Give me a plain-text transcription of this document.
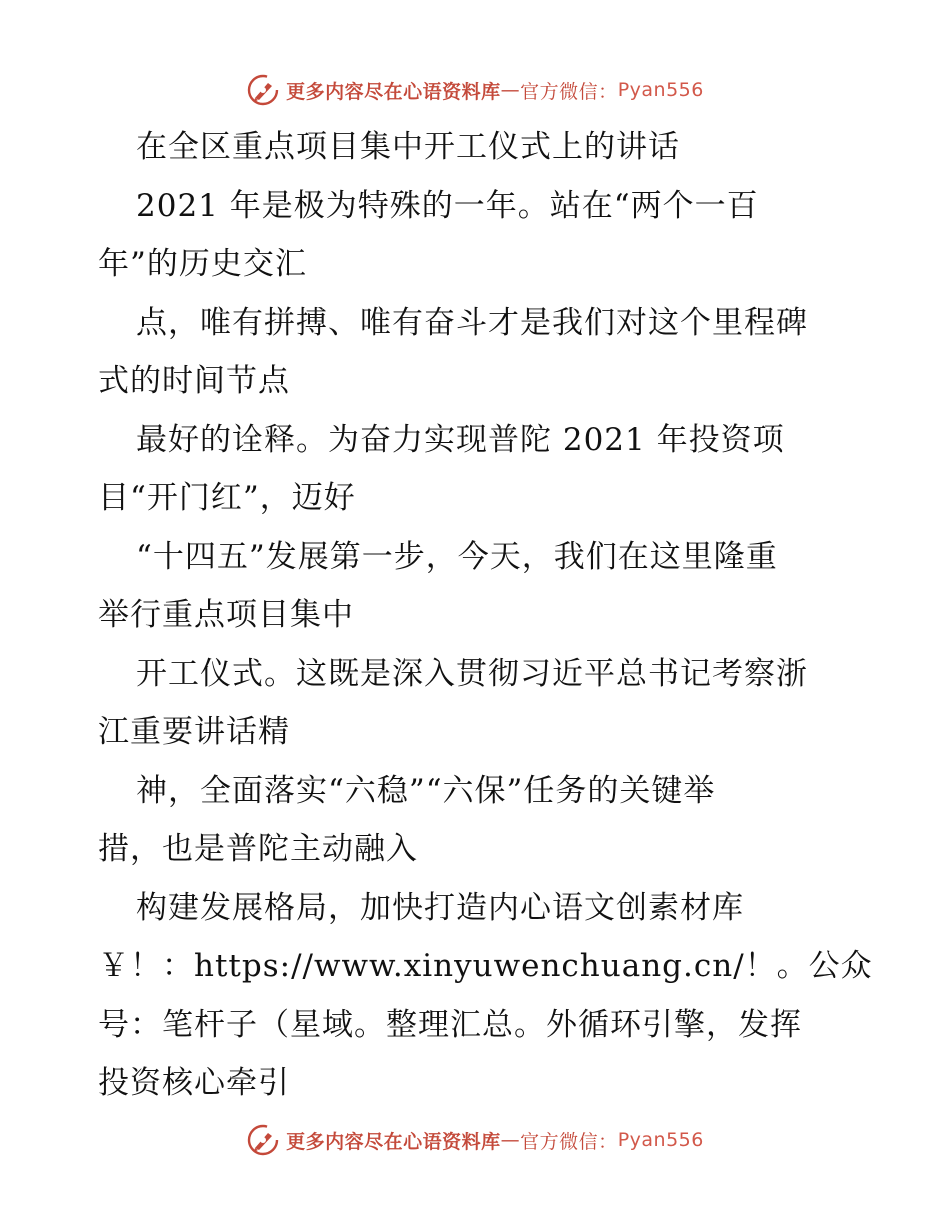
更多内容尽在心语资料库 — 官方微信： Pyan556
在全区重点项目集中开工仪式上的讲话
2021 年是极为特殊的一年。站在“两个一百
年”的历史交汇
点，唯有拼搏、唯有奋斗才是我们对这个里程碑
式的时间节点
最好的诠释。为奋力实现普陀 2021 年投资项
目“开门红”，迈好
“十四五”发展第一步，今天，我们在这里隆重
举行重点项目集中
开工仪式。这既是深入贯彻习近平总书记考察浙
江重要讲话精
神，全面落实“六稳”“六保”任务的关键举
措，也是普陀主动融入
构建发展格局，加快打造内心语文创素材库
￥！：https://www.xinyuwenchuang.cn/！。公众
号：笔杆子（星域。整理汇总。外循环引擎，发挥
投资核心牵引
更多内容尽在心语资料库 — 官方微信： Pyan556
